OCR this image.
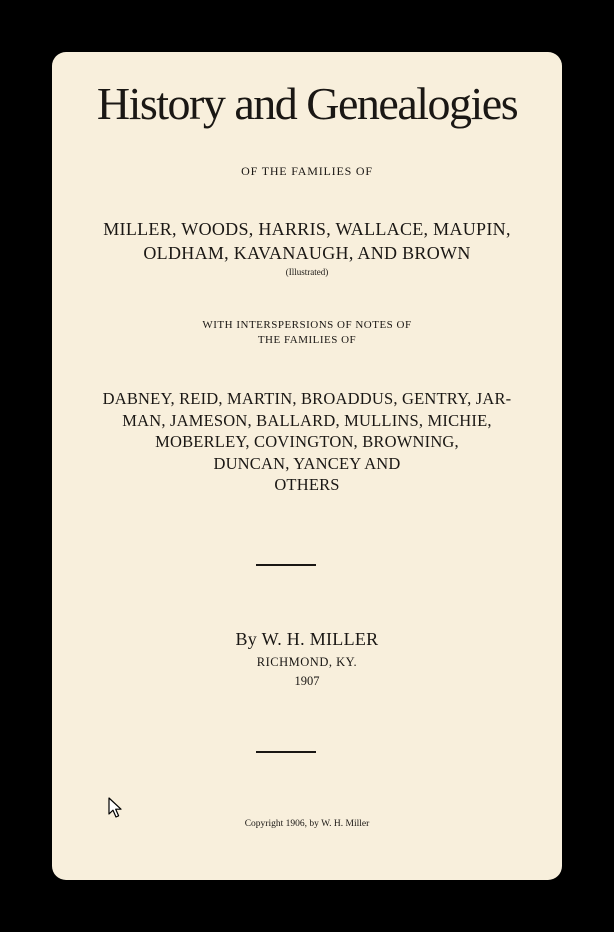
History and Genealogies
OF THE FAMILIES OF
MILLER, WOODS, HARRIS, WALLACE, MAUPIN,
OLDHAM, KAVANAUGH, AND BROWN
(Illustrated)
WITH INTERSPERSIONS OF NOTES OF
THE FAMILIES OF
DABNEY, REID, MARTIN, BROADDUS, GENTRY, JAR-
MAN, JAMESON, BALLARD, MULLINS, MICHIE,
MOBERLEY, COVINGTON, BROWNING,
DUNCAN, YANCEY AND
OTHERS
By W. H. MILLER
RICHMOND, KY.
1907
Copyright 1906, by W. H. Miller
